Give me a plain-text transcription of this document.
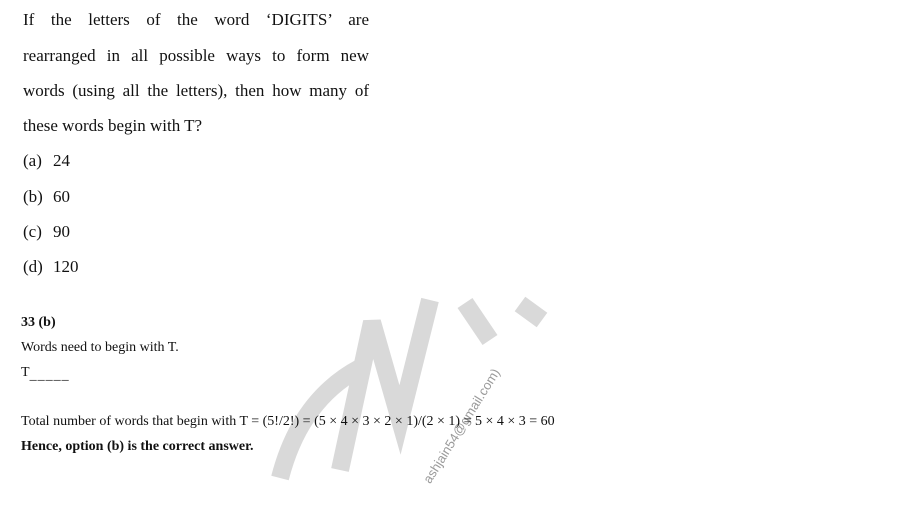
ashjain54@gmail.com)
If the letters of the word ‘DIGITS’ are
rearranged in all possible ways to form new
words (using all the letters), then how many of
these words begin with T?
(a) 24
(b) 60
(c) 90
(d) 120
33 (b)
Words need to begin with T.
T_____
Total number of words that begin with T = (5!/2!) = (5 × 4 × 3 × 2 × 1)/(2 × 1) = 5 × 4 × 3 = 60
Hence, option (b) is the correct answer.
